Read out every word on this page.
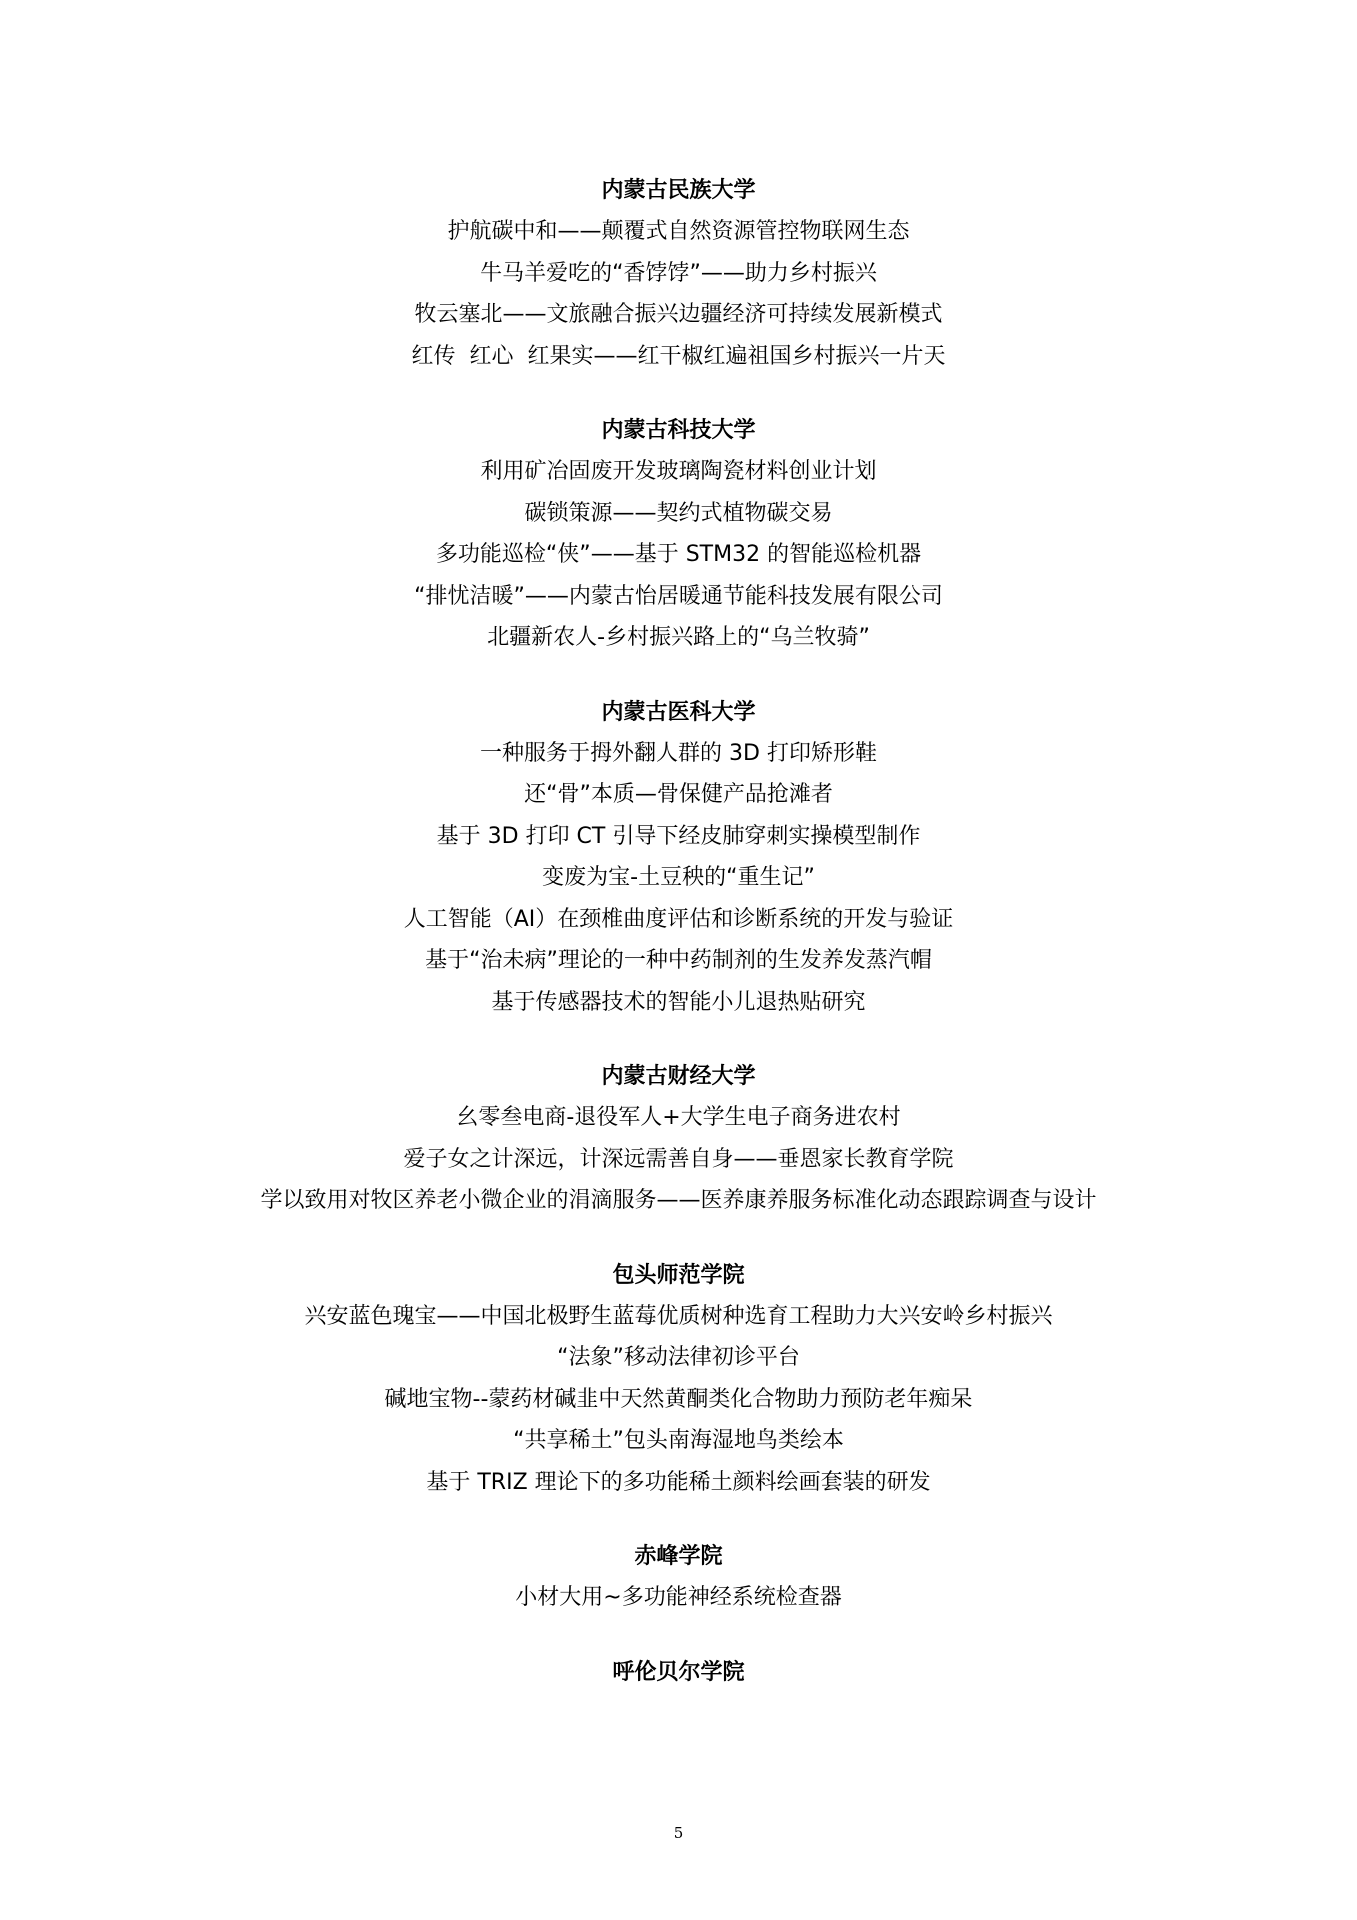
内蒙古民族大学
护航碳中和——颠覆式自然资源管控物联网生态
牛马羊爱吃的“香饽饽”——助力乡村振兴
牧云塞北——文旅融合振兴边疆经济可持续发展新模式
红传  红心  红果实——红干椒红遍祖国乡村振兴一片天
内蒙古科技大学
利用矿冶固废开发玻璃陶瓷材料创业计划
碳锁策源——契约式植物碳交易
多功能巡检“侠”——基于 STM32 的智能巡检机器
“排忧洁暖”——内蒙古怡居暖通节能科技发展有限公司
北疆新农人-乡村振兴路上的“乌兰牧骑”
内蒙古医科大学
一种服务于拇外翻人群的 3D 打印矫形鞋
还“骨”本质—骨保健产品抢滩者
基于 3D 打印 CT 引导下经皮肺穿刺实操模型制作
变废为宝-土豆秧的“重生记”
人工智能（AI）在颈椎曲度评估和诊断系统的开发与验证
基于“治未病”理论的一种中药制剂的生发养发蒸汽帽
基于传感器技术的智能小儿退热贴研究
内蒙古财经大学
幺零叁电商-退役军人+大学生电子商务进农村
爱子女之计深远，计深远需善自身——垂恩家长教育学院
学以致用对牧区养老小微企业的涓滴服务——医养康养服务标准化动态跟踪调查与设计
包头师范学院
兴安蓝色瑰宝——中国北极野生蓝莓优质树种选育工程助力大兴安岭乡村振兴
“法象”移动法律初诊平台
碱地宝物--蒙药材碱韭中天然黄酮类化合物助力预防老年痴呆
“共享稀土”包头南海湿地鸟类绘本
基于 TRIZ 理论下的多功能稀土颜料绘画套装的研发
赤峰学院
小材大用~多功能神经系统检查器
呼伦贝尔学院
5
